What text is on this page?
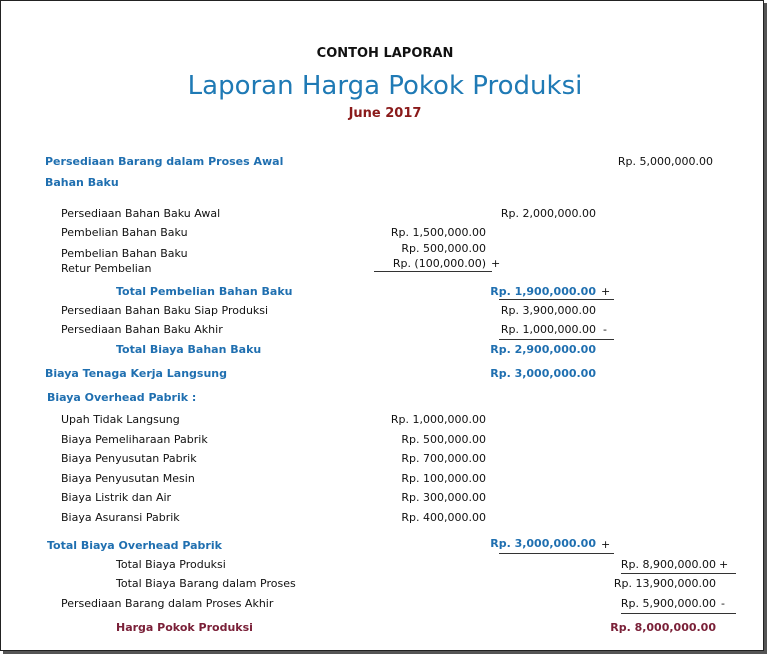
CONTOH LAPORAN
Laporan Harga Pokok Produksi
June 2017
Persediaan Barang dalam Proses Awal	Rp. 5,000,000.00
Bahan Baku
Persediaan Bahan Baku Awal	Rp. 2,000,000.00
Pembelian Bahan Baku	Rp. 1,500,000.00
Pembelian Bahan Baku	Rp. 500,000.00
Retur Pembelian	Rp. (100,000.00) +
Total Pembelian Bahan Baku	Rp. 1,900,000.00 +
Persediaan Bahan Baku Siap Produksi	Rp. 3,900,000.00
Persediaan Bahan Baku Akhir	Rp. 1,000,000.00 -
Total Biaya Bahan Baku	Rp. 2,900,000.00
Biaya Tenaga Kerja Langsung	Rp. 3,000,000.00
Biaya Overhead Pabrik :
Upah Tidak Langsung	Rp. 1,000,000.00
Biaya Pemeliharaan Pabrik	Rp. 500,000.00
Biaya Penyusutan Pabrik	Rp. 700,000.00
Biaya Penyusutan Mesin	Rp. 100,000.00
Biaya Listrik dan Air	Rp. 300,000.00
Biaya Asuransi Pabrik	Rp. 400,000.00
Total Biaya Overhead Pabrik	Rp. 3,000,000.00 +
Total Biaya Produksi	Rp. 8,900,000.00 +
Total Biaya Barang dalam Proses	Rp. 13,900,000.00
Persediaan Barang dalam Proses Akhir	Rp. 5,900,000.00 -
Harga Pokok Produksi	Rp. 8,000,000.00
